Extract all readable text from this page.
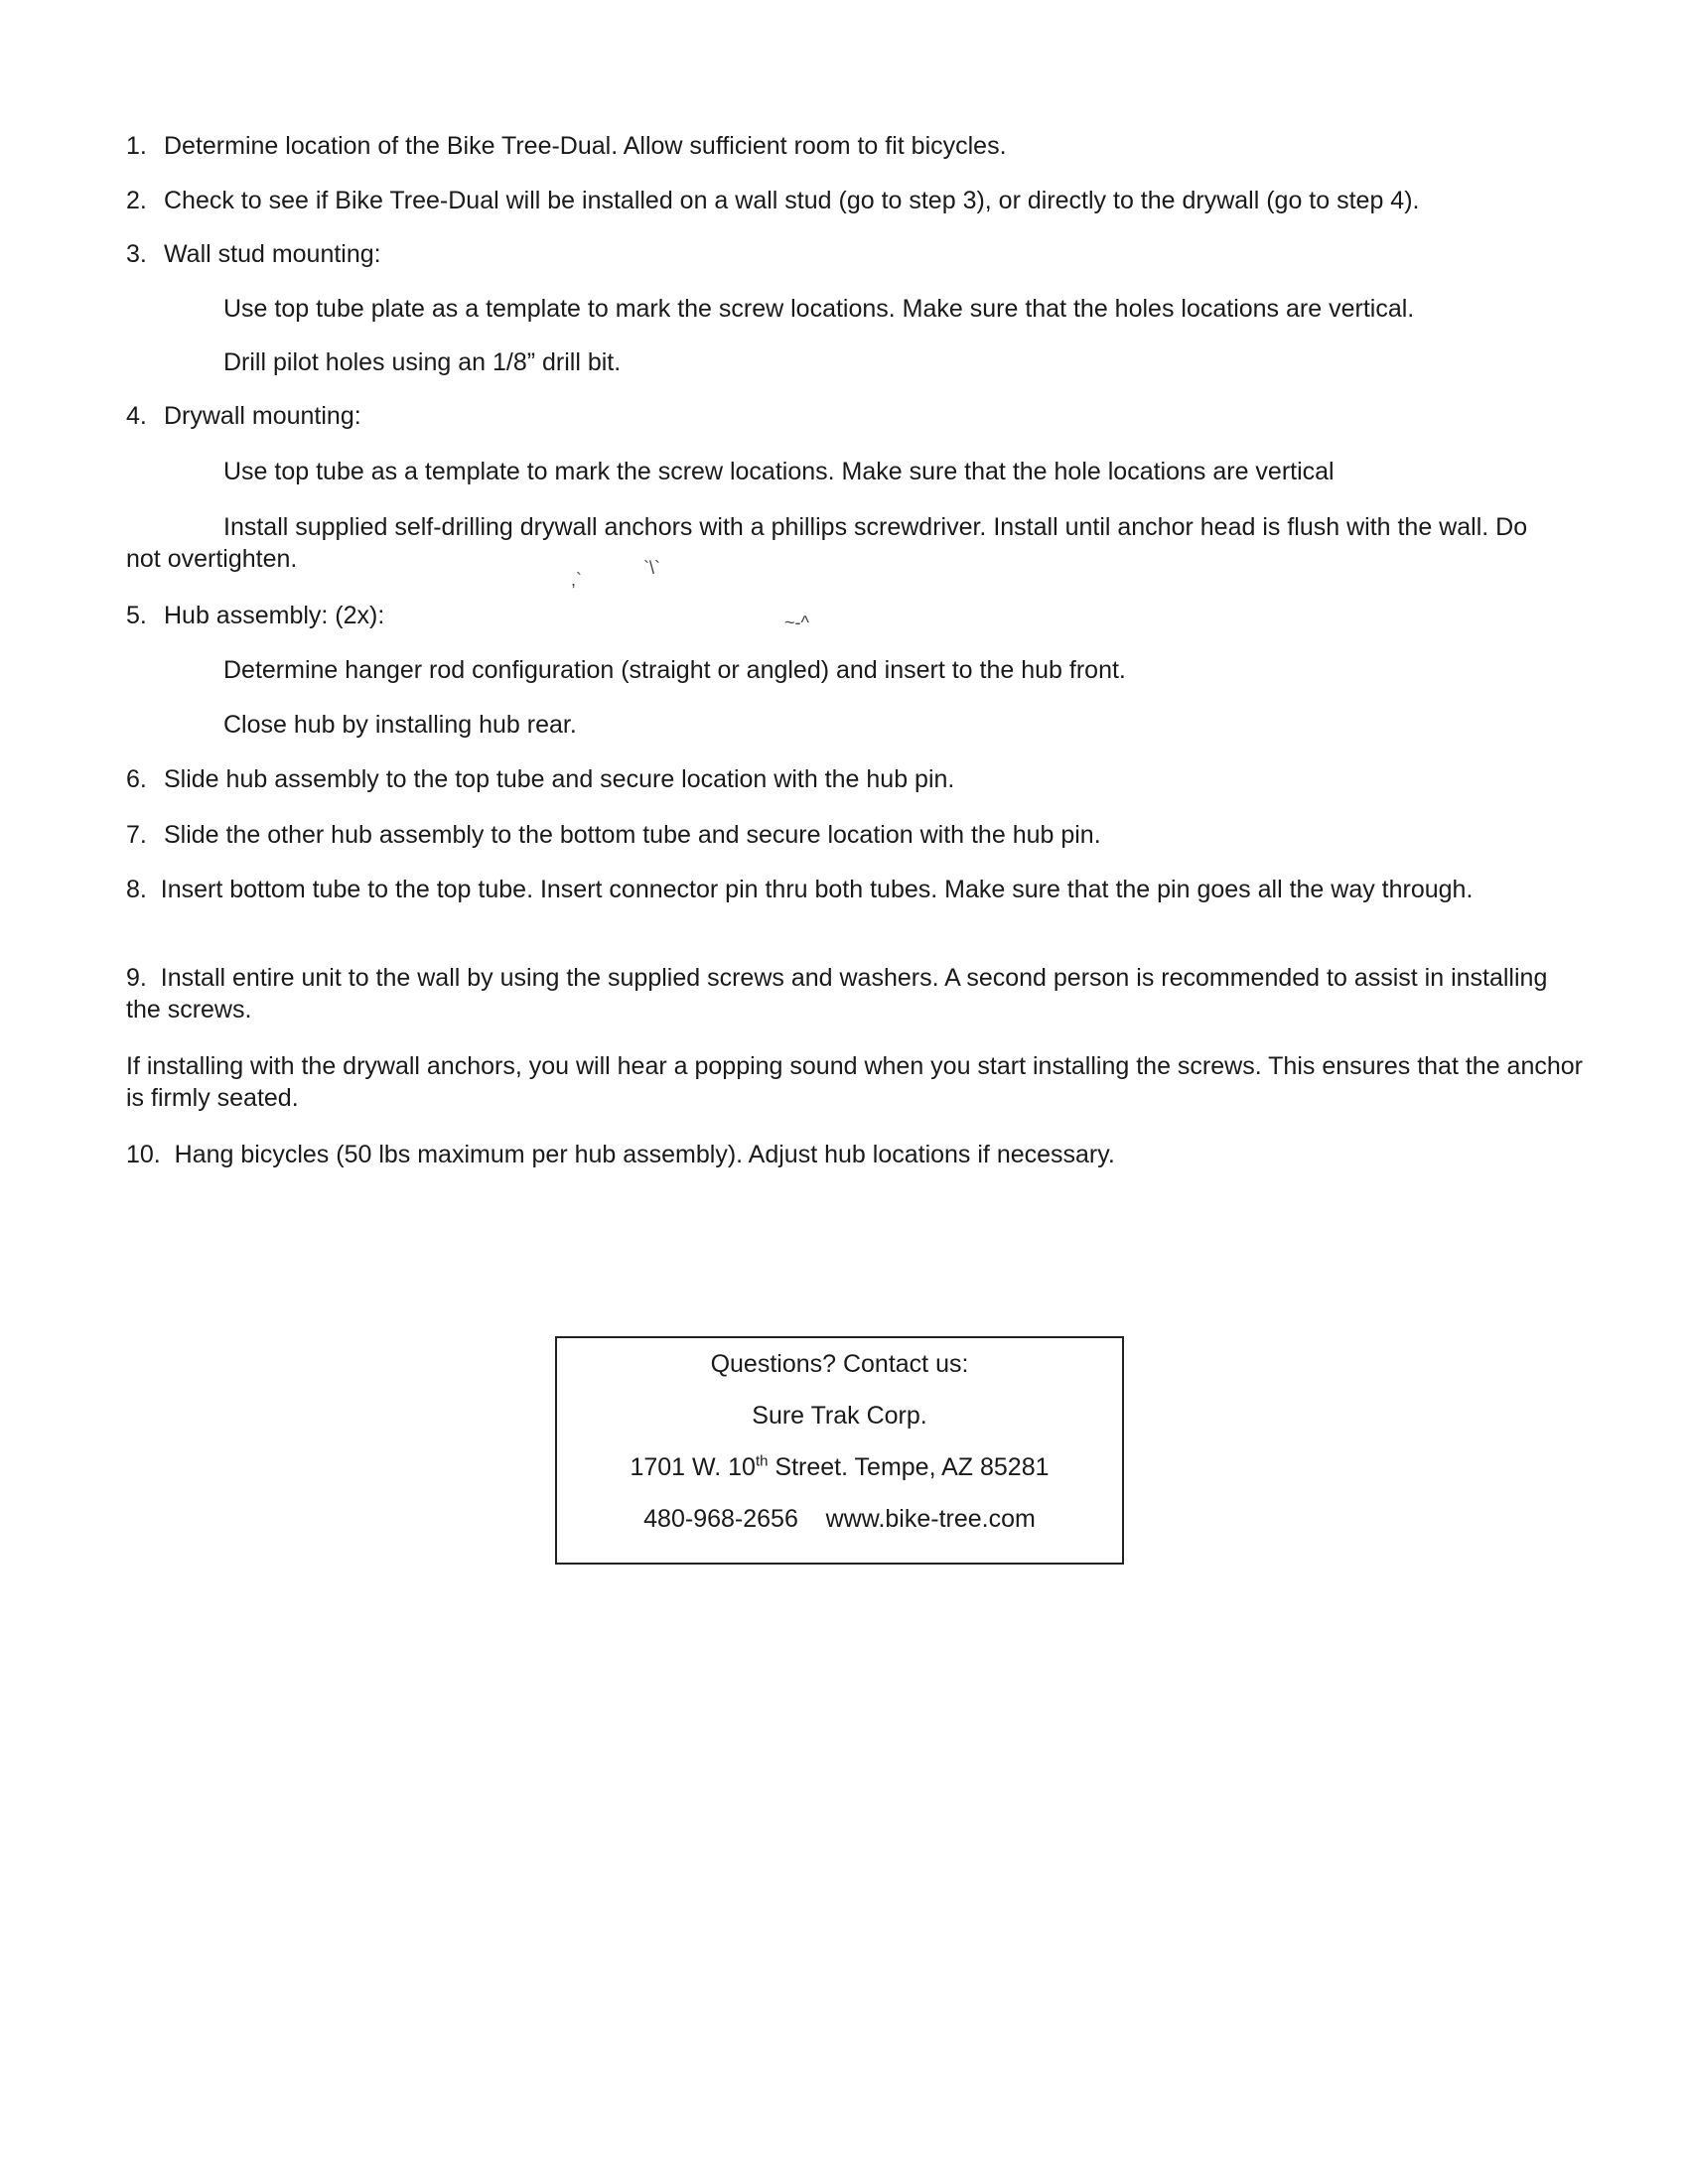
1. Determine location of the Bike Tree-Dual. Allow sufficient room to fit bicycles.
2. Check to see if Bike Tree-Dual will be installed on a wall stud (go to step 3), or directly to the drywall (go to step 4).
3. Wall stud mounting:
Use top tube plate as a template to mark the screw locations. Make sure that the holes locations are vertical.
Drill pilot holes using an 1/8” drill bit.
4. Drywall mounting:
Use top tube as a template to mark the screw locations. Make sure that the hole locations are vertical
Install supplied self-drilling drywall anchors with a phillips screwdriver. Install until anchor head is flush with the wall. Do not overtighten.
5. Hub assembly: (2x):
Determine hanger rod configuration (straight or angled) and insert to the hub front.
Close hub by installing hub rear.
6. Slide hub assembly to the top tube and secure location with the hub pin.
7. Slide the other hub assembly to the bottom tube and secure location with the hub pin.
8. Insert bottom tube to the top tube. Insert connector pin thru both tubes. Make sure that the pin goes all the way through.
9. Install entire unit to the wall by using the supplied screws and washers. A second person is recommended to assist in installing the screws.
If installing with the drywall anchors, you will hear a popping sound when you start installing the screws. This ensures that the anchor is firmly seated.
10. Hang bicycles (50 lbs maximum per hub assembly). Adjust hub locations if necessary.
,`
`\`
~‑^
Questions? Contact us:
Sure Trak Corp.
1701 W. 10th Street. Tempe, AZ 85281
480-968-2656 www.bike-tree.com
